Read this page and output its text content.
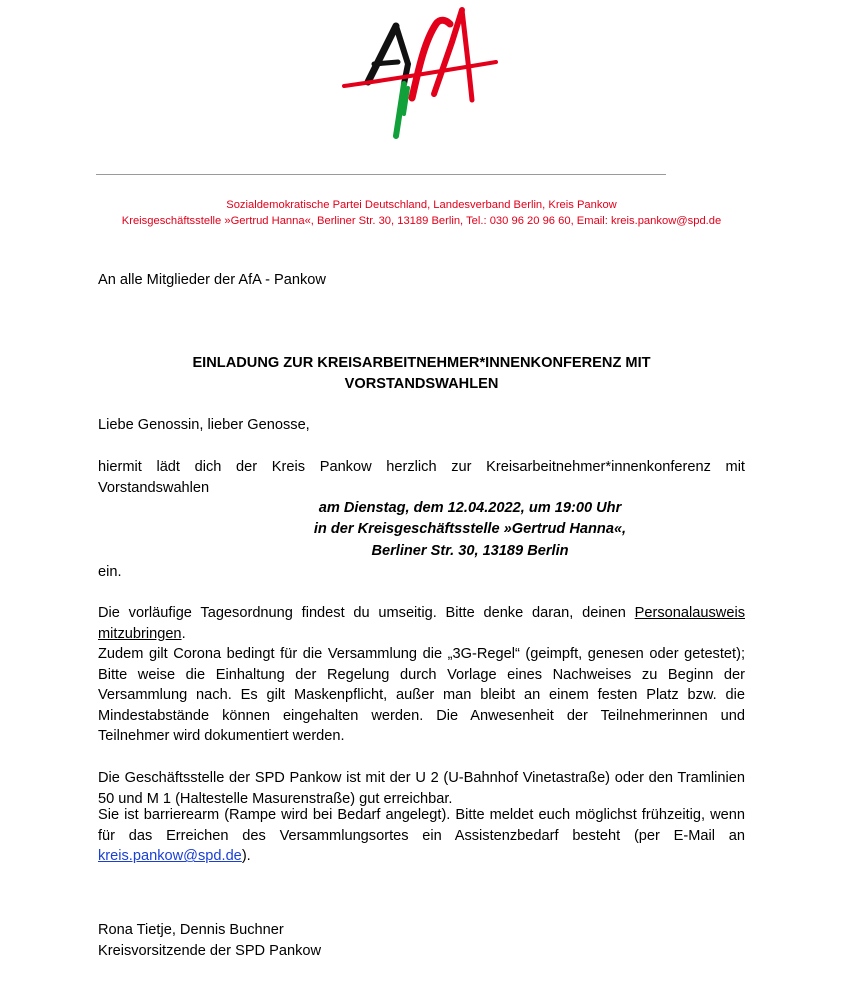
AfA
Sozialdemokratische Partei Deutschland, Landesverband Berlin, Kreis Pankow
Kreisgeschäftsstelle »Gertrud Hanna«, Berliner Str. 30, 13189 Berlin, Tel.: 030 96 20 96 60, Email: kreis.pankow@spd.de
An alle Mitglieder der AfA - Pankow
EINLADUNG ZUR KREISARBEITNEHMER*INNENKONFERENZ MIT
VORSTANDSWAHLEN
Liebe Genossin, lieber Genosse,
hiermit lädt dich der Kreis Pankow herzlich zur Kreisarbeitnehmer*innenkonferenz mit Vorstandswahlen
am Dienstag, dem 12.04.2022, um 19:00 Uhr
in der Kreisgeschäftsstelle »Gertrud Hanna«,
Berliner Str. 30, 13189 Berlin
ein.
Die vorläufige Tagesordnung findest du umseitig. Bitte denke daran, deinen Personalausweis mitzubringen.
Zudem gilt Corona bedingt für die Versammlung die „3G-Regel“ (geimpft, genesen oder getestet); Bitte weise die Einhaltung der Regelung durch Vorlage eines Nachweises zu Beginn der Versammlung nach. Es gilt Maskenpflicht, außer man bleibt an einem festen Platz bzw. die Mindestabstände können eingehalten werden. Die Anwesenheit der Teilnehmerinnen und Teilnehmer wird dokumentiert werden.
Die Geschäftsstelle der SPD Pankow ist mit der U 2 (U-Bahnhof Vinetastraße) oder den Tramlinien 50 und M 1 (Haltestelle Masurenstraße) gut erreichbar.
Sie ist barrierearm (Rampe wird bei Bedarf angelegt). Bitte meldet euch möglichst frühzeitig, wenn für das Erreichen des Versammlungsortes ein Assistenzbedarf besteht (per E-Mail an kreis.pankow@spd.de).
Rona Tietje, Dennis Buchner
Kreisvorsitzende der SPD Pankow
